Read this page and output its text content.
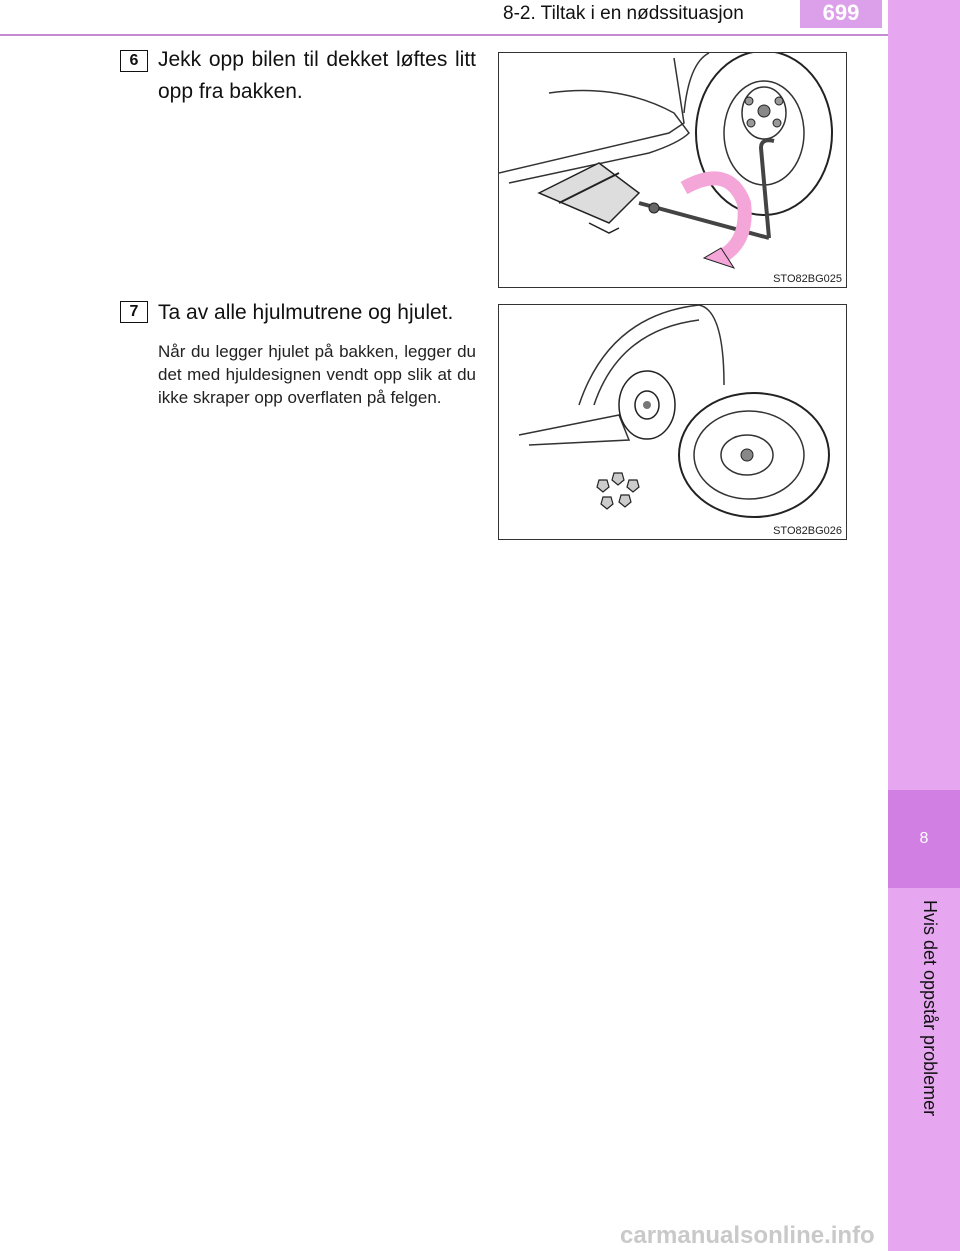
8-2. Tiltak i en nødssituasjon	699
8
Hvis det oppstår problemer
6 Jekk opp bilen til dekket løftes litt opp fra bakken.
STO82BG025
7 Ta av alle hjulmutrene og hjulet.
Når du legger hjulet på bakken, legger du det med hjuldesignen vendt opp slik at du ikke skraper opp overflaten på felgen.
STO82BG026
carmanualsonline.info
